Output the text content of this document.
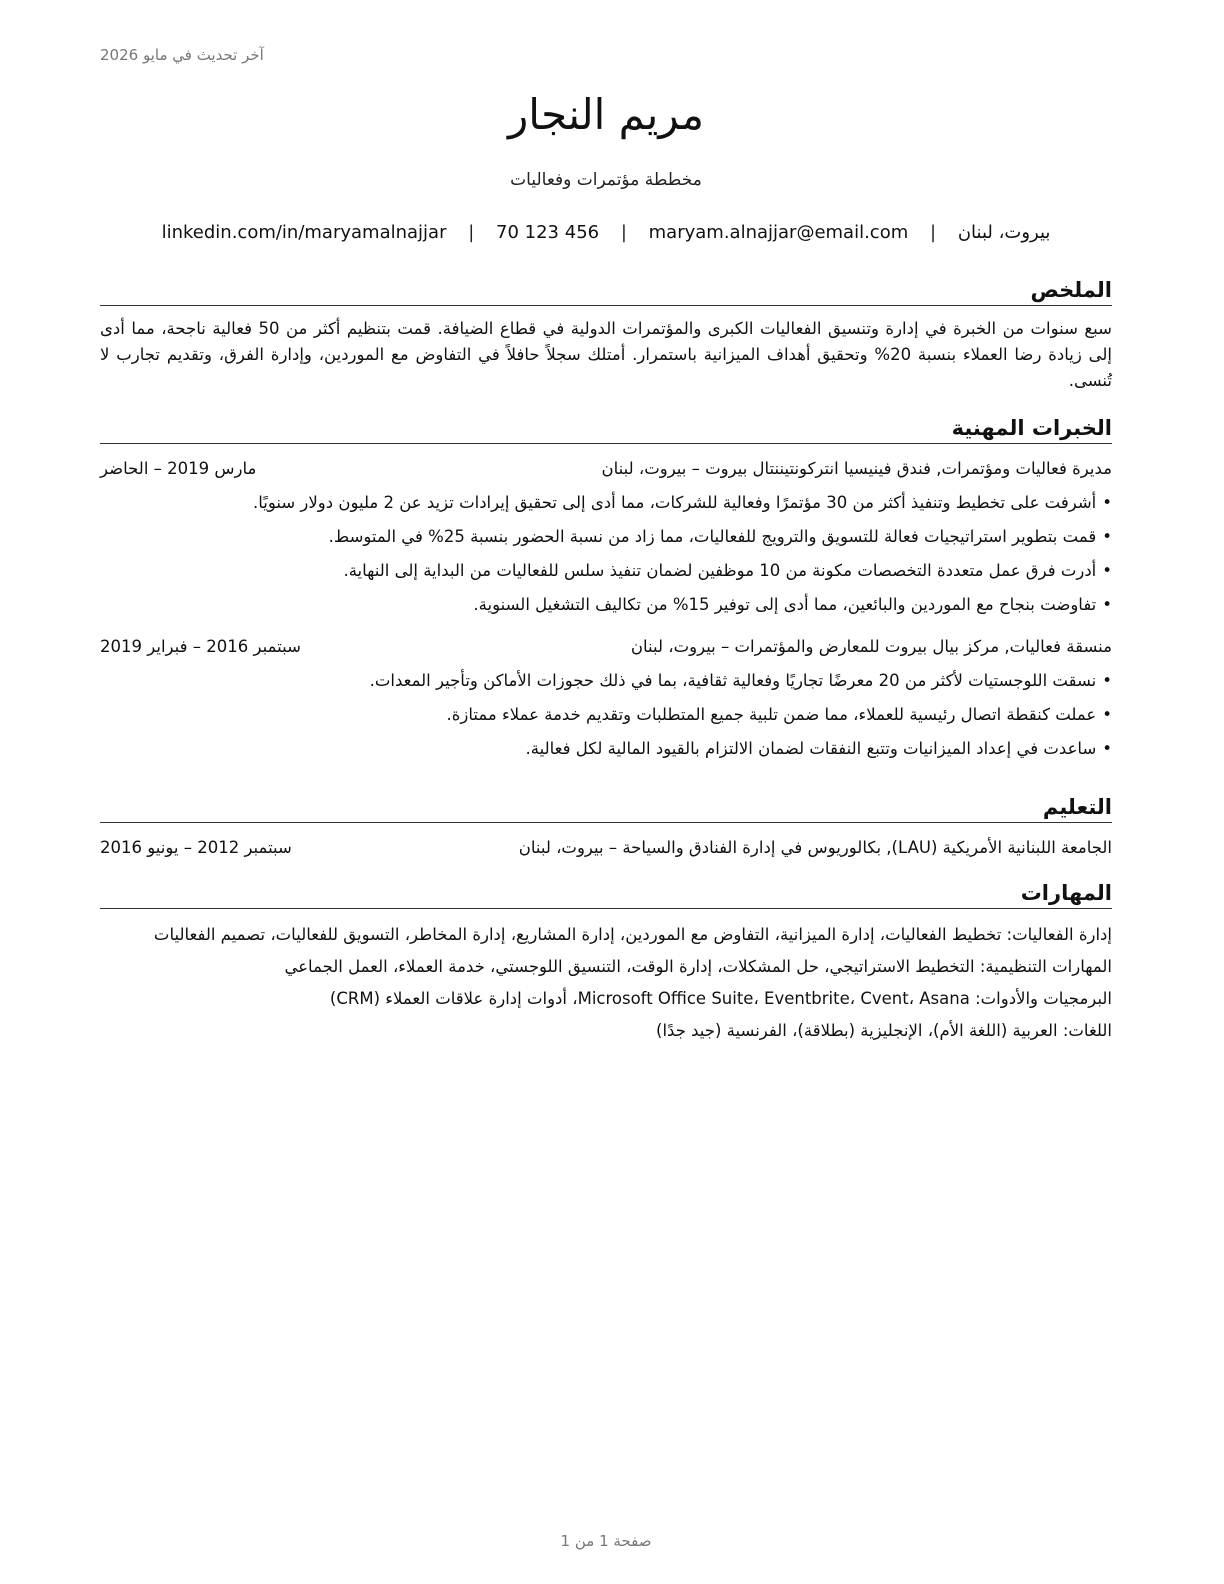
آخر تحديث في مايو 2026
مريم النجار
مخططة مؤتمرات وفعاليات
بيروت، لبنان | maryam.alnajjar@email.com | 70 123 456 | linkedin.com/in/maryamalnajjar
الملخص

سبع سنوات من الخبرة في إدارة وتنسيق الفعاليات الكبرى والمؤتمرات الدولية في قطاع الضيافة. قمت بتنظيم أكثر من 50 فعالية ناجحة، مما أدى إلى زيادة رضا العملاء بنسبة 20% وتحقيق أهداف الميزانية باستمرار. أمتلك سجلاً حافلاً في التفاوض مع الموردين، وإدارة الفرق، وتقديم تجارب لا تُنسى.

الخبرات المهنية
مديرة فعاليات ومؤتمرات, فندق فينيسيا انتركونتيننتال بيروت – بيروت، لبنان
مارس 2019 – الحاضر
• أشرفت على تخطيط وتنفيذ أكثر من 30 مؤتمرًا وفعالية للشركات، مما أدى إلى تحقيق إيرادات تزيد عن 2 مليون دولار سنويًا.
• قمت بتطوير استراتيجيات فعالة للتسويق والترويج للفعاليات، مما زاد من نسبة الحضور بنسبة 25% في المتوسط.
• أدرت فرق عمل متعددة التخصصات مكونة من 10 موظفين لضمان تنفيذ سلس للفعاليات من البداية إلى النهاية.
• تفاوضت بنجاح مع الموردين والبائعين، مما أدى إلى توفير 15% من تكاليف التشغيل السنوية.
منسقة فعاليات, مركز بيال بيروت للمعارض والمؤتمرات – بيروت، لبنان
سبتمبر 2016 – فبراير 2019
• نسقت اللوجستيات لأكثر من 20 معرضًا تجاريًا وفعالية ثقافية، بما في ذلك حجوزات الأماكن وتأجير المعدات.
• عملت كنقطة اتصال رئيسية للعملاء، مما ضمن تلبية جميع المتطلبات وتقديم خدمة عملاء ممتازة.
• ساعدت في إعداد الميزانيات وتتبع النفقات لضمان الالتزام بالقيود المالية لكل فعالية.
التعليم
الجامعة اللبنانية الأمريكية (LAU), بكالوريوس في إدارة الفنادق والسياحة – بيروت، لبنان
سبتمبر 2012 – يونيو 2016
المهارات
إدارة الفعاليات: تخطيط الفعاليات، إدارة الميزانية، التفاوض مع الموردين، إدارة المشاريع، إدارة المخاطر، التسويق للفعاليات، تصميم الفعاليات
المهارات التنظيمية: التخطيط الاستراتيجي، حل المشكلات، إدارة الوقت، التنسيق اللوجستي، خدمة العملاء، العمل الجماعي
البرمجيات والأدوات: Microsoft Office Suite، Eventbrite، Cvent، Asana، أدوات إدارة علاقات العملاء (CRM)
اللغات: العربية (اللغة الأم)، الإنجليزية (بطلاقة)، الفرنسية (جيد جدًا)
صفحة 1 من 1
